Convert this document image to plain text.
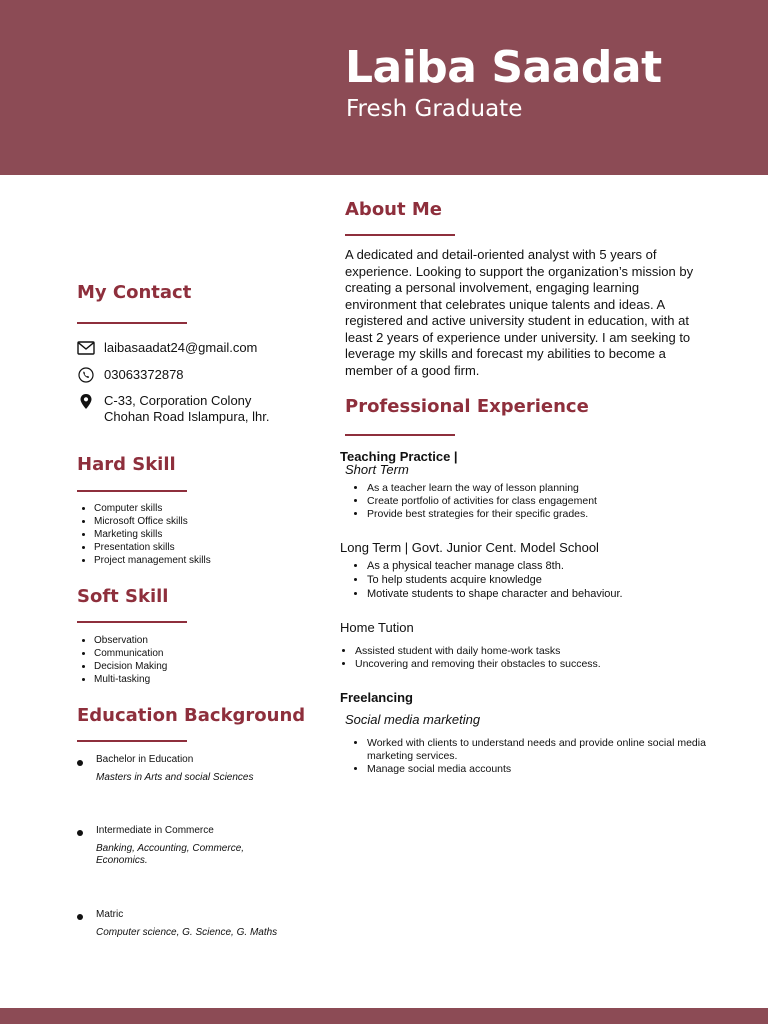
Laiba Saadat
Fresh Graduate
My Contact
laibasaadat24@gmail.com
03063372878
C-33, Corporation Colony
Chohan Road Islampura, lhr.
Hard Skill
• Computer skills
• Microsoft Office skills
• Marketing skills
• Presentation skills
• Project management skills
Soft Skill
• Observation
• Communication
• Decision Making
• Multi-tasking
Education Background
Bachelor in Education
Masters in Arts and social Sciences
Intermediate in Commerce
Banking, Accounting, Commerce, Economics.
Matric
Computer science, G. Science, G. Maths
About Me
A dedicated and detail-oriented analyst with 5 years of experience. Looking to support the organization’s mission by creating a personal involvement, engaging learning environment that celebrates unique talents and ideas. A registered and active university student in education, with at least 2 years of experience under university. I am seeking to leverage my skills and forecast my abilities to become a member of a good firm.
Professional Experience
Teaching Practice |
Short Term
• As a teacher learn the way of lesson planning
• Create portfolio of activities for class engagement
• Provide best strategies for their specific grades.
Long Term | Govt. Junior Cent. Model School
• As a physical teacher manage class 8th.
• To help students acquire knowledge
• Motivate students to shape character and behaviour.
Home Tution
• Assisted student with daily home-work tasks
• Uncovering and removing their obstacles to success.
Freelancing
Social media marketing
• Worked with clients to understand needs and provide online social media marketing services.
• Manage social media accounts
